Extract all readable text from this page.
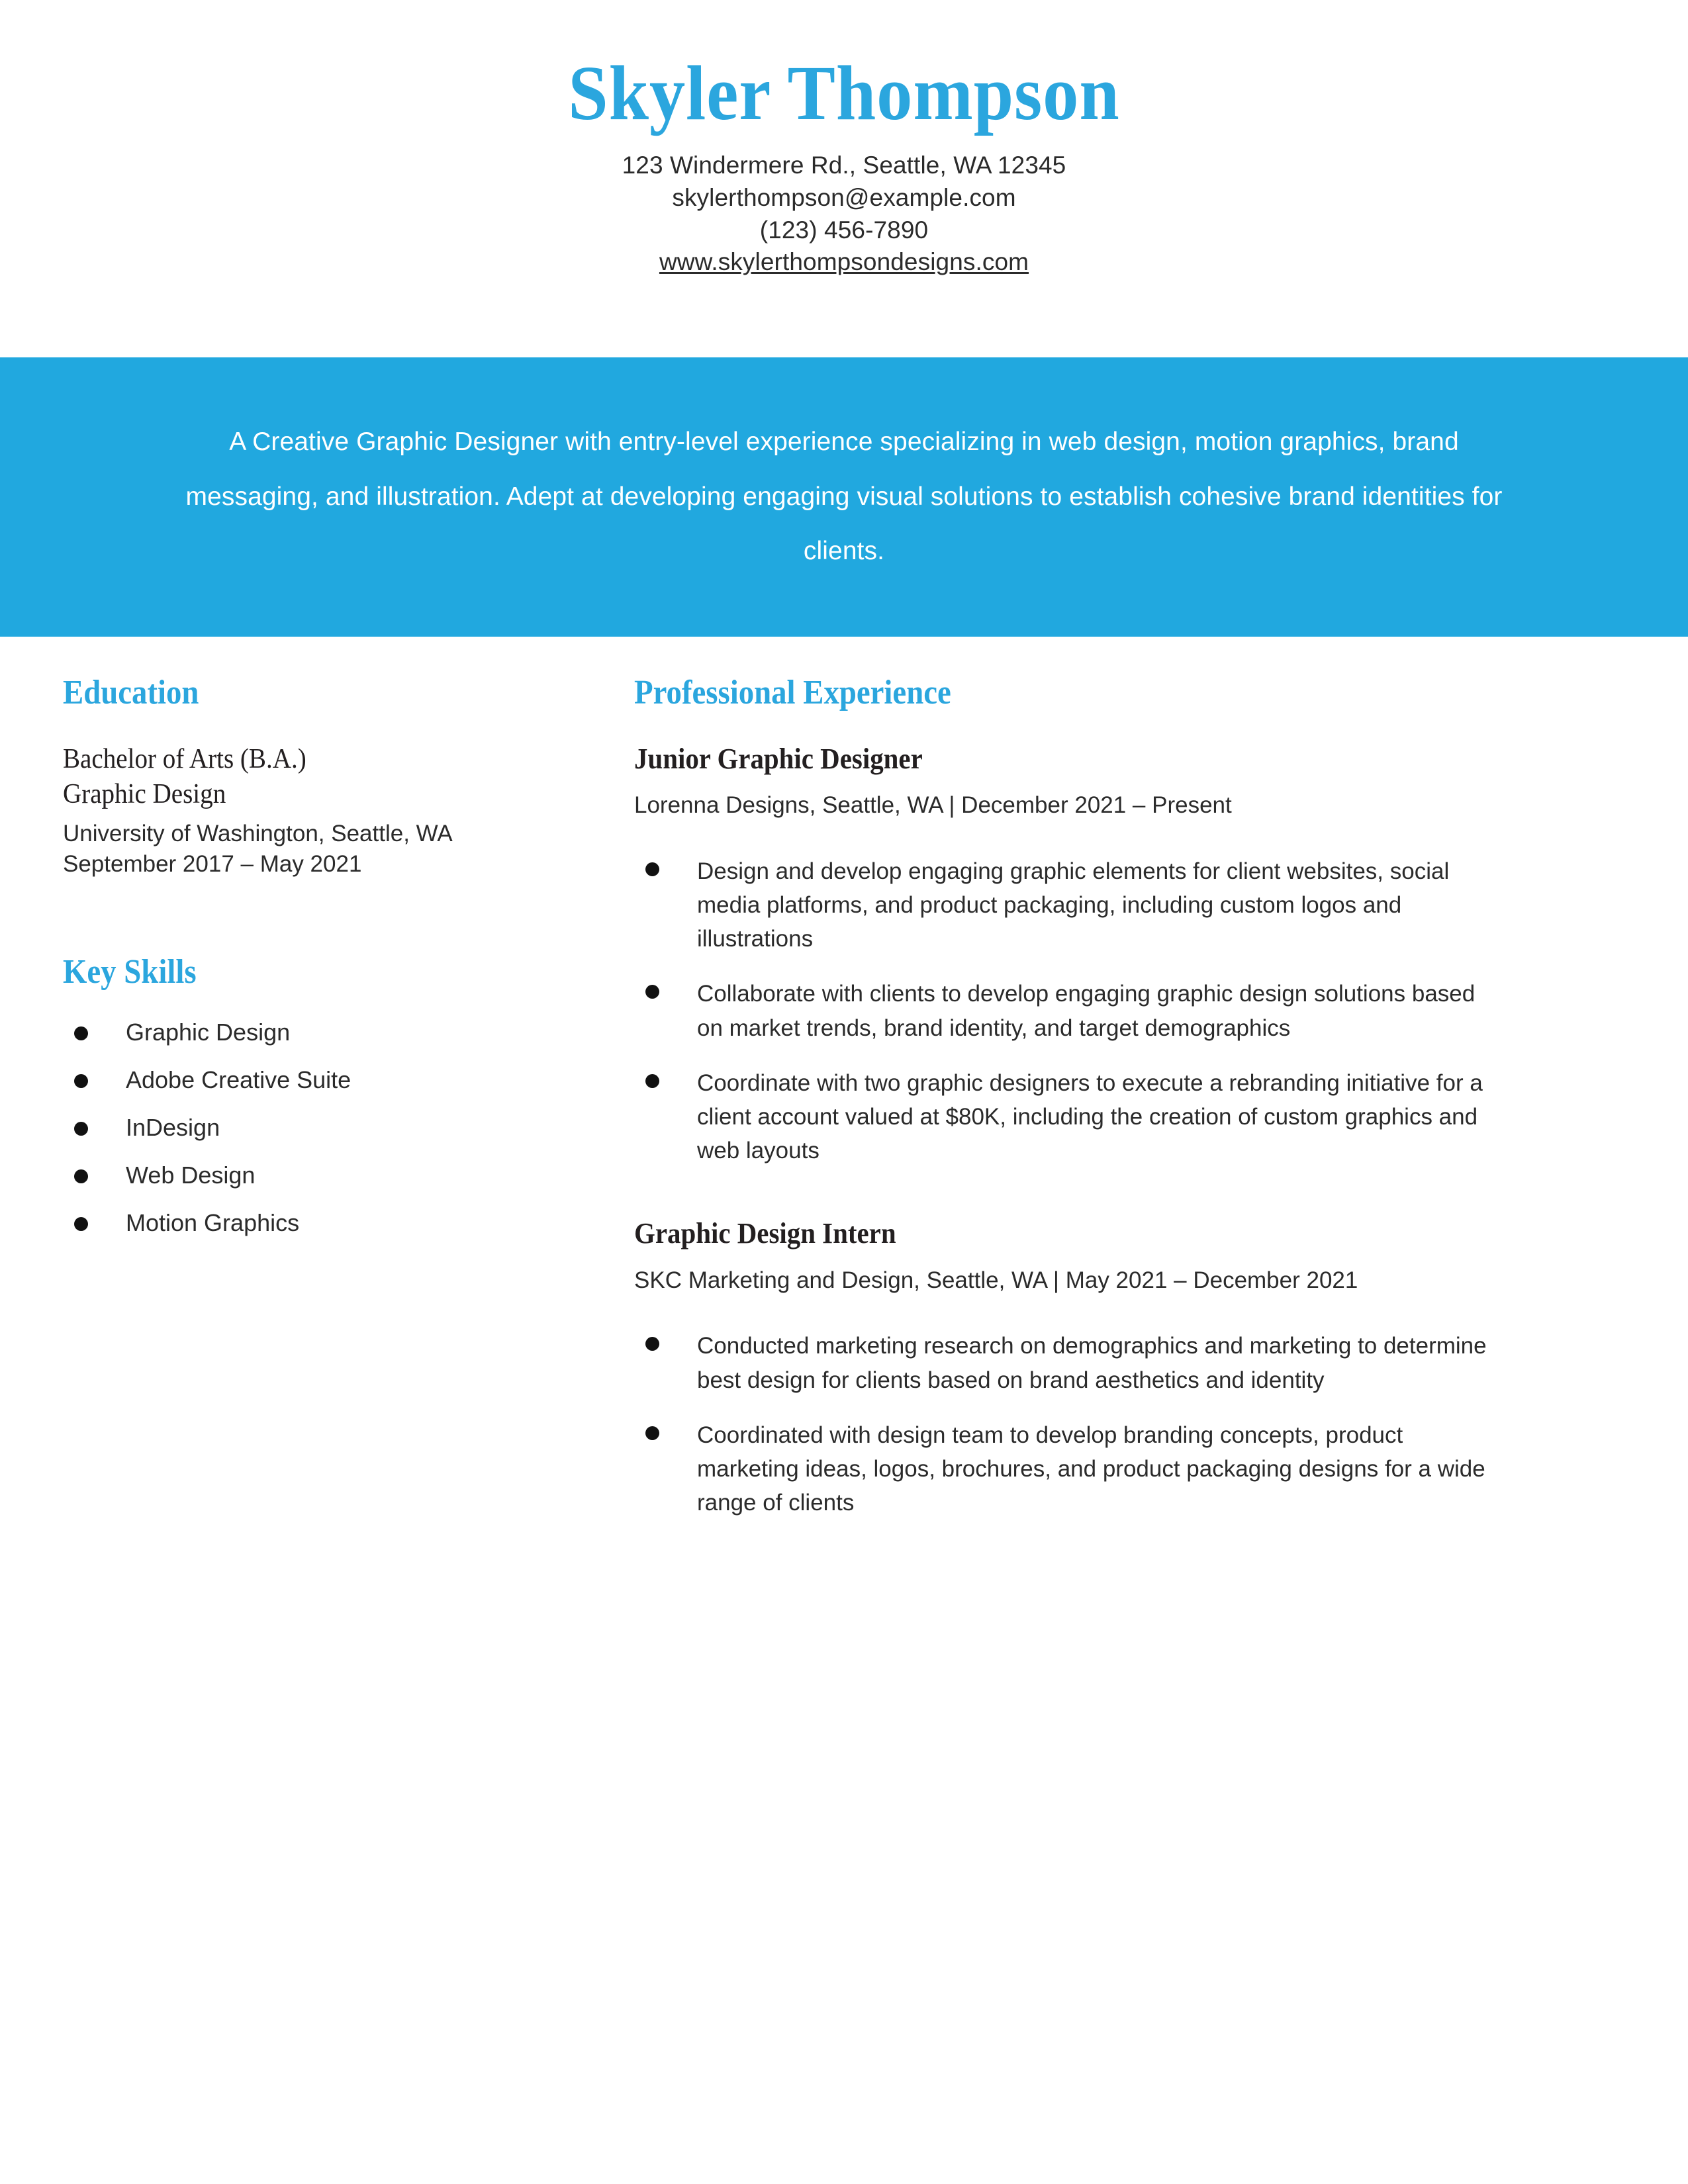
Skyler Thompson
123 Windermere Rd., Seattle, WA 12345
skylerthompson@example.com
(123) 456-7890
www.skylerthompsondesigns.com

A Creative Graphic Designer with entry-level experience specializing in web design, motion graphics, brand messaging, and illustration. Adept at developing engaging visual solutions to establish cohesive brand identities for clients.

Education

Bachelor of Arts (B.A.)

Graphic Design

University of Washington, Seattle, WA
September 2017 – May 2021
Key Skills
Graphic Design
Adobe Creative Suite
InDesign
Web Design
Motion Graphics
Professional Experience
Junior Graphic Designer

Lorenna Designs, Seattle, WA | December 2021 – Present

Design and develop engaging graphic elements for client websites, social media platforms, and product packaging, including custom logos and illustrations
Collaborate with clients to develop engaging graphic design solutions based on market trends, brand identity, and target demographics
Coordinate with two graphic designers to execute a rebranding initiative for a client account valued at $80K, including the creation of custom graphics and web layouts
Graphic Design Intern

SKC Marketing and Design, Seattle, WA | May 2021 – December 2021

Conducted marketing research on demographics and marketing to determine best design for clients based on brand aesthetics and identity
Coordinated with design team to develop branding concepts, product marketing ideas, logos, brochures, and product packaging designs for a wide range of clients
